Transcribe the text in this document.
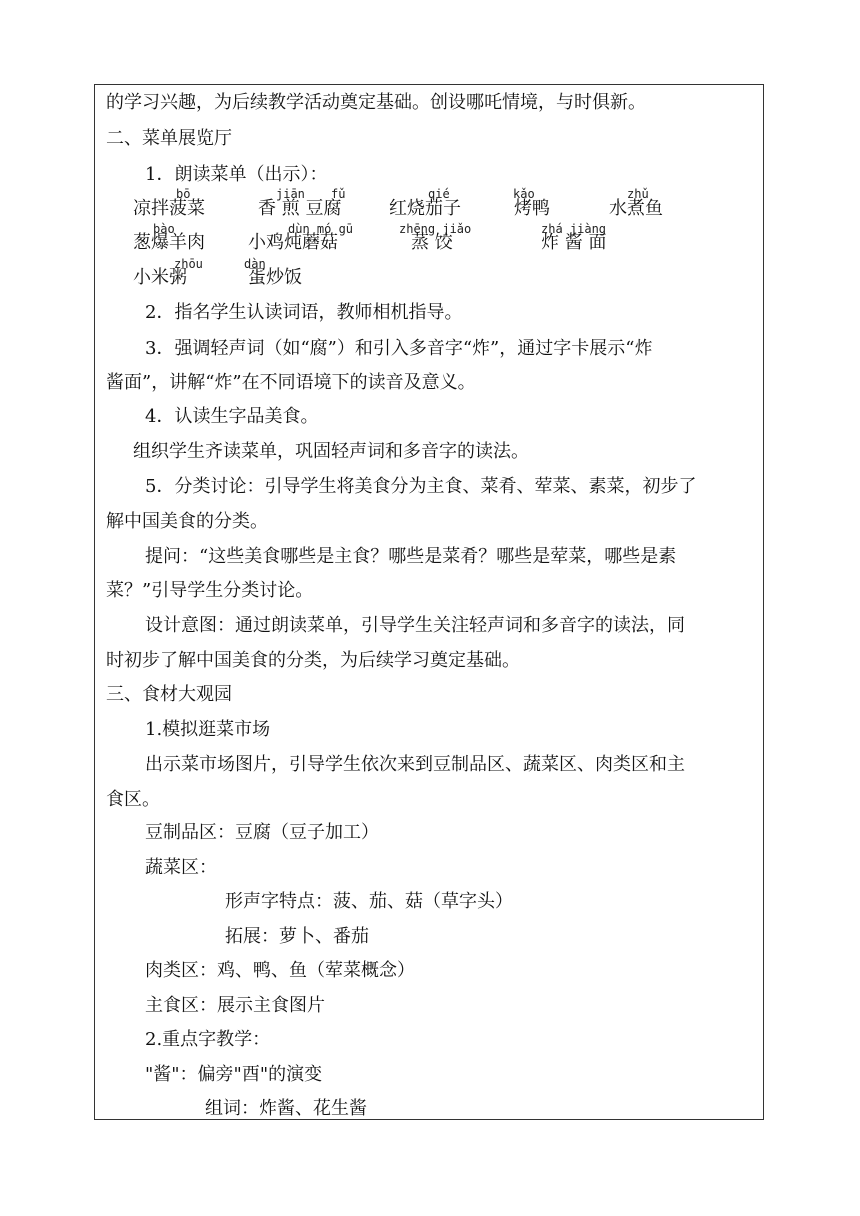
的学习兴趣，为后续教学活动奠定基础。创设哪吒情境，与时俱新。
二、菜单展览厅
1．朗读菜单（出示）：
bō	jiān fǔ	qié	kǎo	zhǔ
凉拌菠菜	香 煎 豆腐	红烧茄子	烤鸭	水煮鱼
bào	dùn mó gū	zhēng jiǎo	zhá jiàng
葱爆羊肉 小鸡炖蘑菇	蒸 饺	炸 酱 面
zhōu	dàn
小米粥	蛋炒饭
2．指名学生认读词语，教师相机指导。
3．强调轻声词（如“腐”）和引入多音字“炸”，通过字卡展示“炸
酱面”，讲解“炸”在不同语境下的读音及意义。
4．认读生字品美食。
组织学生齐读菜单，巩固轻声词和多音字的读法。
5．分类讨论：引导学生将美食分为主食、菜肴、荤菜、素菜，初步了
解中国美食的分类。
提问：“这些美食哪些是主食？哪些是菜肴？哪些是荤菜，哪些是素
菜？”引导学生分类讨论。
设计意图：通过朗读菜单，引导学生关注轻声词和多音字的读法，同
时初步了解中国美食的分类，为后续学习奠定基础。
三、食材大观园
1.模拟逛菜市场
出示菜市场图片，引导学生依次来到豆制品区、蔬菜区、肉类区和主
食区。
豆制品区：豆腐（豆子加工）
蔬菜区：
形声字特点：菠、茄、菇（草字头）
拓展：萝卜、番茄
肉类区：鸡、鸭、鱼（荤菜概念）
主食区：展示主食图片
2.重点字教学：
"酱"：偏旁"酉"的演变
组词：炸酱、花生酱
